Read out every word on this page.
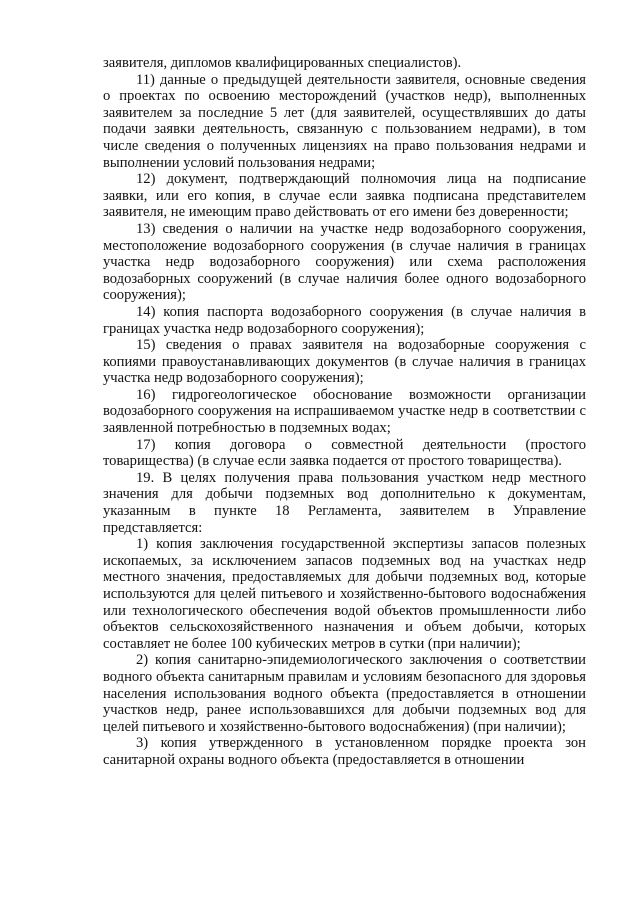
заявителя, дипломов квалифицированных специалистов).

11) данные о предыдущей деятельности заявителя, основные сведения о проектах по освоению месторождений (участков недр), выполненных заявителем за последние 5 лет (для заявителей, осуществлявших до даты подачи заявки деятельность, связанную с пользованием недрами), в том числе сведения о полученных лицензиях на право пользования недрами и выполнении условий пользования недрами;

12) документ, подтверждающий полномочия лица на подписание заявки, или его копия, в случае если заявка подписана представителем заявителя, не имеющим право действовать от его имени без доверенности;

13) сведения о наличии на участке недр водозаборного сооружения, местоположение водозаборного сооружения (в случае наличия в границах участка недр водозаборного сооружения) или схема расположения водозаборных сооружений (в случае наличия более одного водозаборного сооружения);

14) копия паспорта водозаборного сооружения (в случае наличия в границах участка недр водозаборного сооружения);

15) сведения о правах заявителя на водозаборные сооружения с копиями правоустанавливающих документов (в случае наличия в границах участка недр водозаборного сооружения);

16) гидрогеологическое обоснование возможности организации водозаборного сооружения на испрашиваемом участке недр в соответствии с заявленной потребностью в подземных водах;

17) копия договора о совместной деятельности (простого товарищества) (в случае если заявка подается от простого товарищества).

19. В целях получения права пользования участком недр местного значения для добычи подземных вод дополнительно к документам, указанным в пункте 18 Регламента, заявителем в Управление представляется:

1) копия заключения государственной экспертизы запасов полезных ископаемых, за исключением запасов подземных вод на участках недр местного значения, предоставляемых для добычи подземных вод, которые используются для целей питьевого и хозяйственно-бытового водоснабжения или технологического обеспечения водой объектов промышленности либо объектов сельскохозяйственного назначения и объем добычи, которых составляет не более 100 кубических метров в сутки (при наличии);

2) копия санитарно-эпидемиологического заключения о соответствии водного объекта санитарным правилам и условиям безопасного для здоровья населения использования водного объекта (предоставляется в отношении участков недр, ранее использовавшихся для добычи подземных вод для целей питьевого и хозяйственно-бытового водоснабжения) (при наличии);

3) копия утвержденного в установленном порядке проекта зон санитарной охраны водного объекта (предоставляется в отношении
